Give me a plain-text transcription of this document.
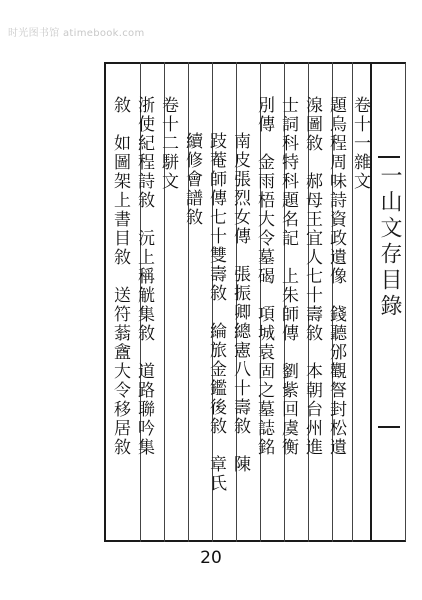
时光图书馆 atimebook.com
卷十一雜文
題烏程周味詩資政遺像　錢聽邠觀詧封松遺
湶圖敘　郝母王宜人七十壽敘　本朝台州進
士詞科特科題名記　上朱師傳　劉紫回虞衡
別傳　金雨梧大令墓碣　項城袁固之墓誌銘
南皮張烈女傳　張振卿總憲八十壽敘　陳
跂菴師傳七十雙壽敘　綸旅金鑑後敘　章氏
續修會譜敘
卷十二駢文
浙使紀程詩敘　沅上稱觥集敘　道路聯吟集
敘　如圖架上書目敘　送符蓊盦大令移居敘	一山文存目錄
20
